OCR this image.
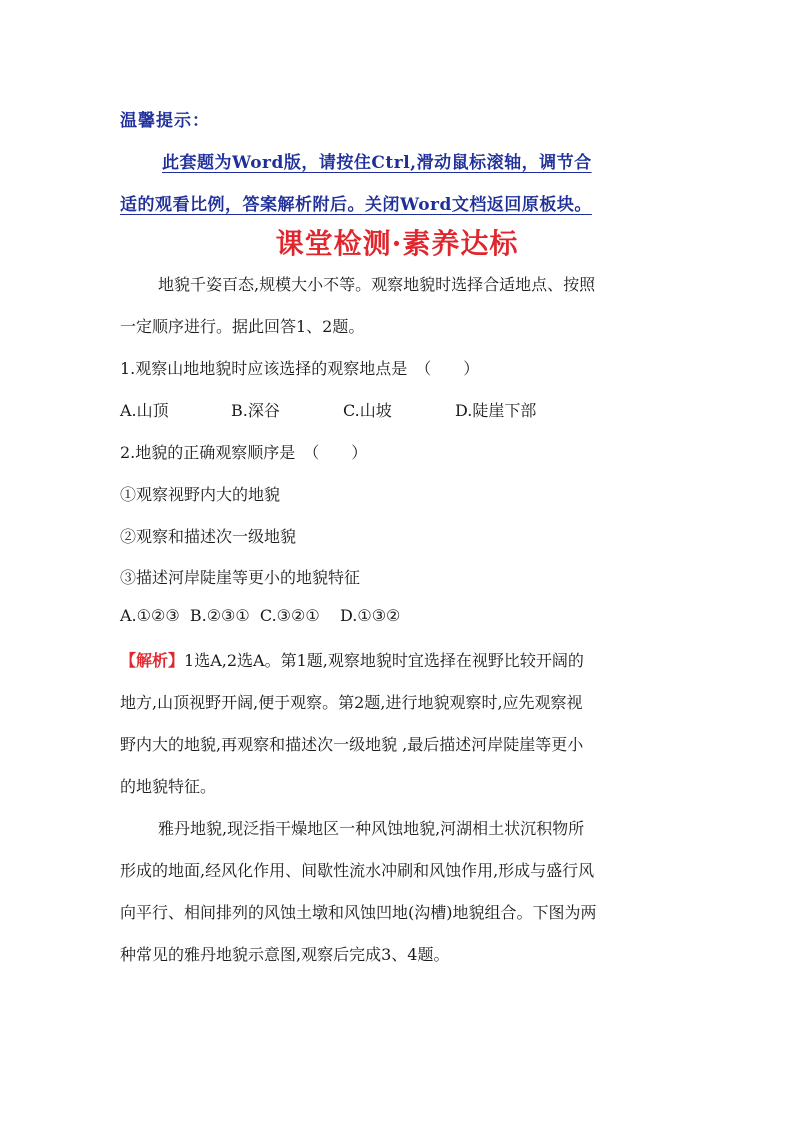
温馨提示：
此套题为Word版，请按住Ctrl,滑动鼠标滚轴，调节合
适的观看比例，答案解析附后。关闭Word文档返回原板块。
课堂检测·素养达标
地貌千姿百态,规模大小不等。观察地貌时选择合适地点、按照
一定顺序进行。据此回答1、2题。
1.观察山地地貌时应该选择的观察地点是　（　　）
A.山顶	B.深谷	C.山坡	D.陡崖下部
2.地貌的正确观察顺序是　（　　）
①观察视野内大的地貌
②观察和描述次一级地貌
③描述河岸陡崖等更小的地貌特征
A.①②③  B.②③①  C.③②①    D.①③②
【解析】1选A,2选A。第1题,观察地貌时宜选择在视野比较开阔的
地方,山顶视野开阔,便于观察。第2题,进行地貌观察时,应先观察视
野内大的地貌,再观察和描述次一级地貌 ,最后描述河岸陡崖等更小
的地貌特征。
雅丹地貌,现泛指干燥地区一种风蚀地貌,河湖相土状沉积物所
形成的地面,经风化作用、间歇性流水冲刷和风蚀作用,形成与盛行风
向平行、相间排列的风蚀土墩和风蚀凹地(沟槽)地貌组合。下图为两
种常见的雅丹地貌示意图,观察后完成3、4题。
